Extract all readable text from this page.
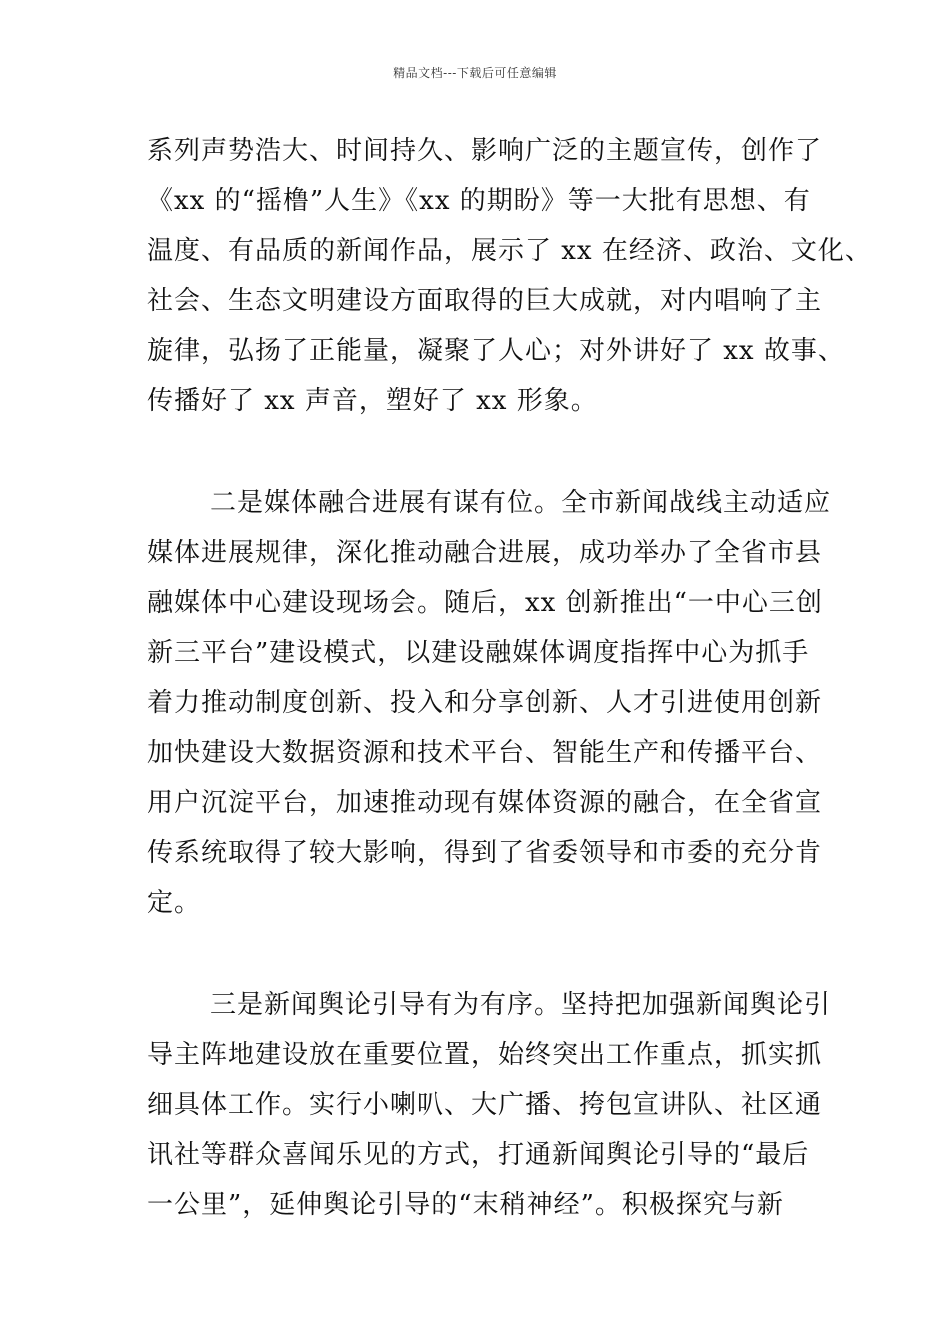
精品文档---下载后可任意编辑
系列声势浩大、时间持久、影响广泛的主题宣传，创作了
《xx 的“摇橹”人生》《xx 的期盼》等一大批有思想、有
温度、有品质的新闻作品，展示了 xx 在经济、政治、文化、
社会、生态文明建设方面取得的巨大成就，对内唱响了主
旋律，弘扬了正能量，凝聚了人心；对外讲好了 xx 故事、
传播好了 xx 声音，塑好了 xx 形象。
二是媒体融合进展有谋有位。全市新闻战线主动适应
媒体进展规律，深化推动融合进展，成功举办了全省市县
融媒体中心建设现场会。随后，xx 创新推出“一中心三创
新三平台”建设模式，以建设融媒体调度指挥中心为抓手
着力推动制度创新、投入和分享创新、人才引进使用创新
加快建设大数据资源和技术平台、智能生产和传播平台、
用户沉淀平台，加速推动现有媒体资源的融合，在全省宣
传系统取得了较大影响，得到了省委领导和市委的充分肯
定。
三是新闻舆论引导有为有序。坚持把加强新闻舆论引
导主阵地建设放在重要位置，始终突出工作重点，抓实抓
细具体工作。实行小喇叭、大广播、挎包宣讲队、社区通
讯社等群众喜闻乐见的方式，打通新闻舆论引导的“最后
一公里”，延伸舆论引导的“末稍神经”。积极探究与新
